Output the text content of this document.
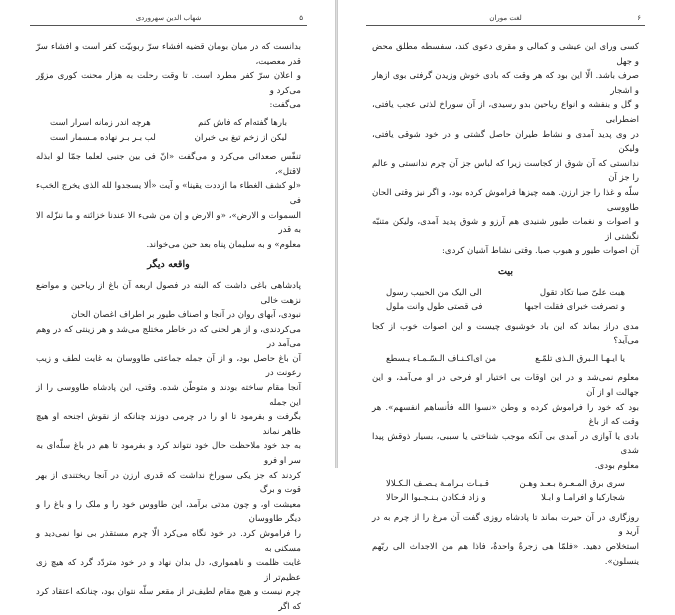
۵
شهاب الدین سهروردی
بدانست که در میان بومان قضیه افشاء سرّ ربوبیّت کفر است و افشاء سرّ قدر معصیت،
و اعلان سرّ کفر مطرد است. تا وقت رحلت به هزار محنت کوری مزوّر می‌کرد و
می‌گفت:
بارها گفته‌ام که فاش کنم
هرچه اندر زمانه اسرار است
لیکن از زخم تیغ بی خبران
لب بـر بـر نهاده مـسمار است
تنفّس صعدائی می‌کرد و می‌گفت «انّ فی بین جنبی لعلما جمّا لو ابذله لاقتل»،
«لو کشف الغطاء ما ازددت یقینا» و آیت «ألا یسجدوا لله الذی یخرج الخبء فی
السموات و الارض»، «و الارض و إن من شیء الا عندنا خزائنه و ما ننزّله الا به قدر
معلوم» و به سلیمان پناه بعد حین می‌خواند.
واقعه دیگر
پادشاهی باغی داشت که البته در فصول اربعه آن باغ از ریاحین و مواضع نزهت خالی
نبودی، آبهای روان در آنجا و اصناف طیور بر اطراف اغصان الحان
می‌کردندی، و از هر لحنی که در خاطر مختلج می‌شد و هر زینتی که در وهم می‌آمد در
آن باغ حاصل بود، و از آن جمله جماعتی طاووسان به غایت لطف و زیب رعونت در
آنجا مقام ساخته بودند و متوطّن شده. وقتی، این پادشاه طاووسی را از این جمله
بگرفت و بفرمود تا او را در چرمی دوزند چنانکه از نقوش اجنحه او هیچ ظاهر نماند
به جد خود ملاحظت حال خود نتواند کرد و بفرمود تا هم در باغ سلّه‌ای به سر او فرو
کردند که جز یکی سوراخ نداشت که قدری ارزن در آنجا ریختندی از بهر قوت و برگ
معیشت او، و چون مدتی برآمد، این طاووس خود را و ملک را و باغ را و دیگر طاووسان
را فراموش کرد. در خود نگاه می‌کرد الّا چرم مستقذر بی نوا نمی‌دید و مسکنی به
غایت ظلمت و ناهمواری، دل بدان نهاد و در خود متردّد گرد که هیچ زی عظیم‌تر از
چرم نیست و هیچ مقام لطیف‌تر از مقعر سلّه نتوان بود، چنانکه اعتقاد کرد که اگر
۶
لغت موران
کسی ورای این عیشی و کمالی و مقری دعوی کند، سفسطه مطلق محض و جهل
صرف باشد. الّا این بود که هر وقت که بادی خوش وزیدن گرفتی بوی ازهار و اشجار
و گل و بنفشه و انواع ریاحین بدو رسیدی، از آن سوراخ لذتی عجب یافتی، اضطرابی
در وی پدید آمدی و نشاط طیران حاصل گشتی و در خود شوقی یافتی، ولیکن
ندانستی که آن شوق از کجاست زیرا که لباس جز آن چرم ندانستی و عالم را جز آن
سلّه و غذا را جز ارزن. همه چیزها فراموش کرده بود، و اگر نیز وقتی الحان طاووسی
و اصوات و نغمات طیور شنیدی هم آرزو و شوق پدید آمدی، ولیکن متنبّه نگشتی از
آن اصوات طیور و هبوب صبا. وقتی نشاط آشیان کردی:
بیت
هبت علیّ صبا تکاد تقول
الی الیک من الحبیب رسول
و تصرفت خبرای فقلت اجبها
فی قصتی طول وانت ملول
مدی دراز بماند که این باد خوشبوی چیست و این اصوات خوب از کجا می‌آید؟
یا ایـهـا الـبرق الـذی تلمّـع
من ای‌اکـنـاف الـسّـمـاء یـسطع
معلوم نمی‌شد و در این اوقات بی اختیار او فرحی در او می‌آمد، و این جهالت او از آن
بود که خود را فراموش کرده و وطن «نسوا الله فأنساهم انفسهم». هر وقت که از باغ
بادی یا آوازی در آمدی بی آنکه موجب شناختی یا سببی، بسیار ذوقش پیدا شدی
معلوم بودی.
سری برق المـعـرة بـعـد وهـن
قـبـات بـرامـة یـصـف الـکـلالا
شجارکبا و افرامـا و ابـلا
و زاد فـکادن بـنـجـبوا الرحالا
روزگاری در آن حیرت بماند تا پادشاه روزی گفت آن مرغ را از چرم به در آرید و
استخلاص دهید. «فلمّا هی زجرةٌ واحدةٌ، فاذا هم من الاجداث الی ربّهم ینسلون».
